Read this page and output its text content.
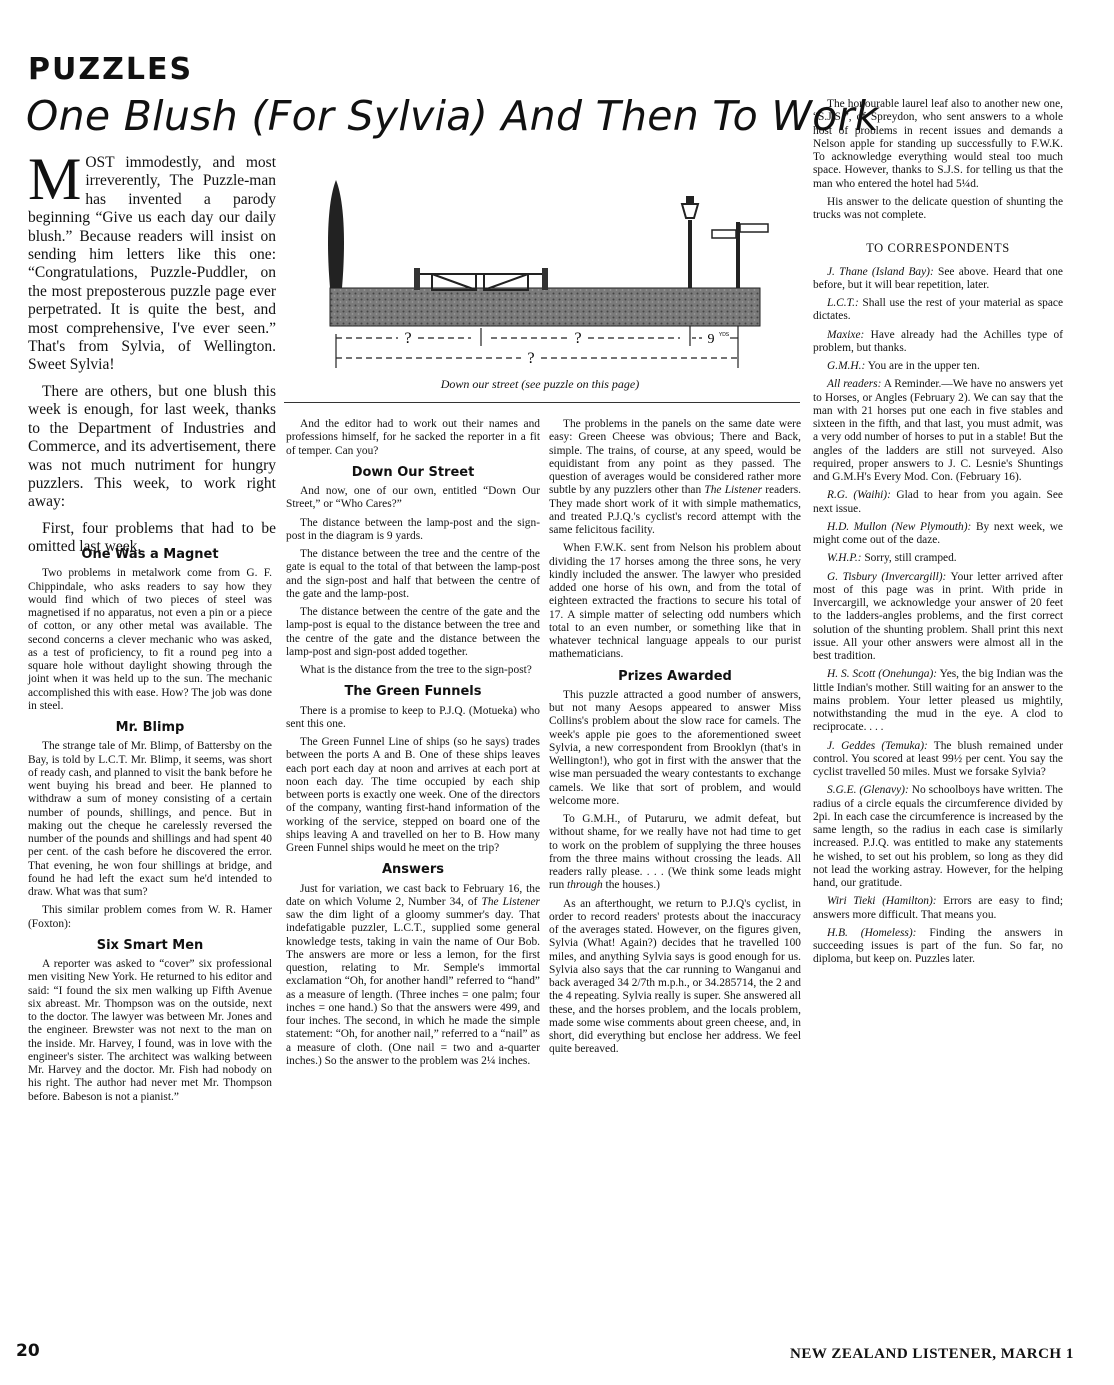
PUZZLES
One Blush (For Sylvia) And Then To Work

MOST immodestly, and most irreverently, The Puzzle-man has invented a parody beginning “Give us each day our daily blush.” Because readers will insist on sending him letters like this one: “Congratulations, Puzzle-Puddler, on the most preposterous puzzle page ever perpetrated. It is quite the best, and most comprehensive, I've ever seen.” That's from Sylvia, of Wellington. Sweet Sylvia!

There are others, but one blush this week is enough, for last week, thanks to the Department of Industries and Commerce, and its advertisement, there was not much nutriment for hungry puzzlers. This week, to work right away:

First, four problems that had to be omitted last week.

?	?
?
9 YDS
Down our street (see puzzle on this page)
One Was a Magnet

Two problems in metalwork come from G. F. Chippindale, who asks readers to say how they would find which of two pieces of steel was magnetised if no apparatus, not even a pin or a piece of cotton, or any other metal was available. The second concerns a clever mechanic who was asked, as a test of proficiency, to fit a round peg into a square hole without daylight showing through the joint when it was held up to the sun. The mechanic accomplished this with ease. How? The job was done in steel.

Mr. Blimp

The strange tale of Mr. Blimp, of Battersby on the Bay, is told by L.C.T. Mr. Blimp, it seems, was short of ready cash, and planned to visit the bank before he went buying his bread and beer. He planned to withdraw a sum of money consisting of a certain number of pounds, shillings, and pence. But in making out the cheque he carelessly reversed the number of the pounds and shillings and had spent 40 per cent. of the cash before he discovered the error. That evening, he won four shillings at bridge, and found he had left the exact sum he'd intended to draw. What was that sum?

This similar problem comes from W. R. Hamer (Foxton):

Six Smart Men

A reporter was asked to “cover” six professional men visiting New York. He returned to his editor and said: “I found the six men walking up Fifth Avenue six abreast. Mr. Thompson was on the outside, next to the doctor. The lawyer was between Mr. Jones and the engineer. Brewster was not next to the man on the inside. Mr. Harvey, I found, was in love with the engineer's sister. The architect was walking between Mr. Harvey and the doctor. Mr. Fish had nobody on his right. The author had never met Mr. Thompson before. Babeson is not a pianist.”

And the editor had to work out their names and professions himself, for he sacked the reporter in a fit of temper. Can you?

Down Our Street

And now, one of our own, entitled “Down Our Street,” or “Who Cares?”

The distance between the lamp-post and the sign-post in the diagram is 9 yards.

The distance between the tree and the centre of the gate is equal to the total of that between the lamp-post and the sign-post and half that between the centre of the gate and the lamp-post.

The distance between the centre of the gate and the lamp-post is equal to the distance between the tree and the centre of the gate and the distance between the lamp-post and sign-post added together.

What is the distance from the tree to the sign-post?

The Green Funnels

There is a promise to keep to P.J.Q. (Motueka) who sent this one.

The Green Funnel Line of ships (so he says) trades between the ports A and B. One of these ships leaves each port each day at noon and arrives at each port at noon each day. The time occupied by each ship between ports is exactly one week. One of the directors of the company, wanting first-hand information of the working of the service, stepped on board one of the ships leaving A and travelled on her to B. How many Green Funnel ships would he meet on the trip?

Answers

Just for variation, we cast back to February 16, the date on which Volume 2, Number 34, of The Listener saw the dim light of a gloomy summer's day. That indefatigable puzzler, L.C.T., supplied some general knowledge tests, taking in vain the name of Our Bob. The answers are more or less a lemon, for the first question, relating to Mr. Semple's immortal exclamation “Oh, for another handl” referred to “hand” as a measure of length. (Three inches = one palm; four inches = one hand.) So that the answers were 499, and four inches. The second, in which he made the simple statement: “Oh, for another nail,” referred to a “nail” as a measure of cloth. (One nail = two and a-quarter inches.) So the answer to the problem was 2¼ inches.

The problems in the panels on the same date were easy: Green Cheese was obvious; There and Back, simple. The trains, of course, at any speed, would be equidistant from any point as they passed. The question of averages would be considered rather more subtle by any puzzlers other than The Listener readers. They made short work of it with simple mathematics, and treated P.J.Q.'s cyclist's record attempt with the same felicitous facility.

When F.W.K. sent from Nelson his problem about dividing the 17 horses among the three sons, he very kindly included the answer. The lawyer who presided added one horse of his own, and from the total of eighteen extracted the fractions to secure his total of 17. A simple matter of selecting odd numbers which total to an even number, or something like that in whatever technical language appeals to our purist mathematicians.

Prizes Awarded

This puzzle attracted a good number of answers, but not many Aesops appeared to answer Miss Collins's problem about the slow race for camels. The week's apple pie goes to the aforementioned sweet Sylvia, a new correspondent from Brooklyn (that's in Wellington!), who got in first with the answer that the wise man persuaded the weary contestants to exchange camels. We like that sort of problem, and would welcome more.

To G.M.H., of Putaruru, we admit defeat, but without shame, for we really have not had time to get to work on the problem of supplying the three houses from the three mains without crossing the leads. All readers rally please. . . . (We think some leads might run through the houses.)

As an afterthought, we return to P.J.Q's cyclist, in order to record readers' protests about the inaccuracy of the averages stated. However, on the figures given, Sylvia (What! Again?) decides that he travelled 100 miles, and anything Sylvia says is good enough for us. Sylvia also says that the car running to Wanganui and back averaged 34 2/7th m.p.h., or 34.285714, the 2 and the 4 repeating. Sylvia really is super. She answered all these, and the horses problem, and the locals problem, made some wise comments about green cheese, and, in short, did everything but enclose her address. We feel quite bereaved.

The honourable laurel leaf also to another new one, “S.J.S.”, of Spreydon, who sent answers to a whole host of problems in recent issues and demands a Nelson apple for standing up successfully to F.W.K. To acknowledge everything would steal too much space. However, thanks to S.J.S. for telling us that the man who entered the hotel had 5¼d.

His answer to the delicate question of shunting the trucks was not complete.

TO CORRESPONDENTS

J. Thane (Island Bay): See above. Heard that one before, but it will bear repetition, later.

L.C.T.: Shall use the rest of your material as space dictates.

Maxixe: Have already had the Achilles type of problem, but thanks.

G.M.H.: You are in the upper ten.

All readers: A Reminder.—We have no answers yet to Horses, or Angles (February 2). We can say that the man with 21 horses put one each in five stables and sixteen in the fifth, and that last, you must admit, was a very odd number of horses to put in a stable! But the angles of the ladders are still not surveyed. Also required, proper answers to J. C. Lesnie's Shuntings and G.M.H's Every Mod. Con. (February 16).

R.G. (Waihi): Glad to hear from you again. See next issue.

H.D. Mullon (New Plymouth): By next week, we might come out of the daze.

W.H.P.: Sorry, still cramped.

G. Tisbury (Invercargill): Your letter arrived after most of this page was in print. With pride in Invercargill, we acknowledge your answer of 20 feet to the ladders-angles problems, and the first correct solution of the shunting problem. Shall print this next issue. All your other answers were almost all in the best tradition.

H. S. Scott (Onehunga): Yes, the big Indian was the little Indian's mother. Still waiting for an answer to the mains problem. Your letter pleased us mightily, notwithstanding the mud in the eye. A clod to reciprocate. . . .

J. Geddes (Temuka): The blush remained under control. You scored at least 99½ per cent. You say the cyclist travelled 50 miles. Must we forsake Sylvia?

S.G.E. (Glenavy): No schoolboys have written. The radius of a circle equals the circumference divided by 2pi. In each case the circumference is increased by the same length, so the radius in each case is similarly increased. P.J.Q. was entitled to make any statements he wished, to set out his problem, so long as they did not lead the working astray. However, for the helping hand, our gratitude.

Wiri Tieki (Hamilton): Errors are easy to find; answers more difficult. That means you.

H.B. (Homeless): Finding the answers in succeeding issues is part of the fun. So far, no diploma, but keep on. Puzzles later.

20	NEW ZEALAND LISTENER, MARCH 1
